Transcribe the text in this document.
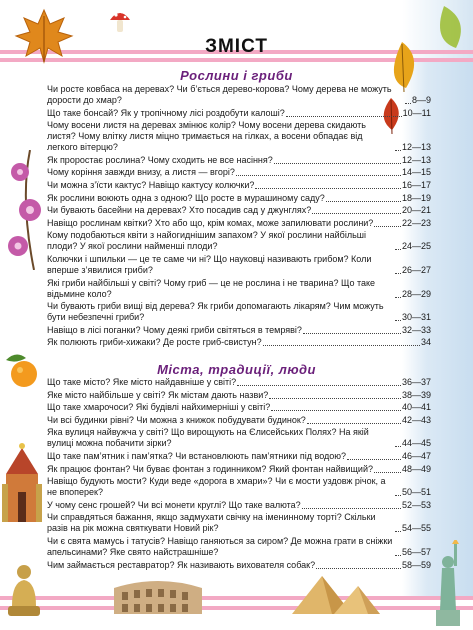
ЗМІСТ
Рослини і гриби
Чи росте ковбаса на деревах? Чи б’ється дерево-корова? Чому дерева не можуть дорости до хмар?	8—9
Що таке бонсай? Як у тропічному лісі роздобути калоші?	10—11
Чому восени листя на деревах змінює колір? Чому восени дерева скидають листя? Чому влітку листя міцно тримається на гілках, а восени обпадає від легкого вітерцю?	12—13
Як проростає рослина? Чому сходить не все насіння?	12—13
Чому коріння завжди внизу, а листя — вгорі?	14—15
Чи можна з’їсти кактус? Навіщо кактусу колючки?	16—17
Як рослини воюють одна з одною? Що росте в мурашиному саду?	18—19
Чи бувають басейни на деревах? Хто посадив сад у джунглях?	20—21
Навіщо рослинам квітки? Хто або що, крім комах, може запилювати рослини?	22—23
Кому подобаються квіти з найогиднішим запахом? У якої рослини найбільші плоди? У якої рослини найменші плоди?	24—25
Колючки і шпильки — це те саме чи ні? Що науковці називають грибом? Коли вперше з’явилися гриби?	26—27
Які гриби найбільші у світі? Чому гриб — це не рослина і не тварина? Що таке відьмине коло?	28—29
Чи бувають гриби вищі від дерева? Як гриби допомагають лікарям? Чим можуть бути небезпечні гриби?	30—31
Навіщо в лісі поганки? Чому деякі гриби світяться в темряві?	32—33
Як полюють гриби-хижаки? Де росте гриб-свистун?	34
Міста, традиції, люди
Що таке місто? Яке місто найдавніше у світі?	36—37
Яке місто найбільше у світі? Як містам дають назви?	38—39
Що таке хмарочоси? Які будівлі найхимерніші у світі?	40—41
Чи всі будинки рівні? Чи можна з книжок побудувати будинок?	42—43
Яка вулиця найвужча у світі? Що вирощують на Єлисейських Полях? На якій вулиці можна побачити зірки?	44—45
Що таке пам’ятник і пам’ятка? Чи встановлюють пам’ятники під водою?	46—47
Як працює фонтан? Чи буває фонтан з годинником? Який фонтан найвищий?	48—49
Навіщо будують мости? Куди веде «дорога в хмари»? Чи є мости уздовж річок, а не впоперек?	50—51
У чому сенс грошей? Чи всі монети круглі? Що таке валюта?	52—53
Чи справдяться бажання, якщо задмухати свічку на іменинному торті? Скільки разів на рік можна святкувати Новий рік?	54—55
Чи є свята мамусь і татусів? Навіщо ганяються за сиром? Де можна грати в сніжки апельсинами? Яке свято найстрашніше?	56—57
Чим займається реставратор? Як називають вихователя собак?	58—59
